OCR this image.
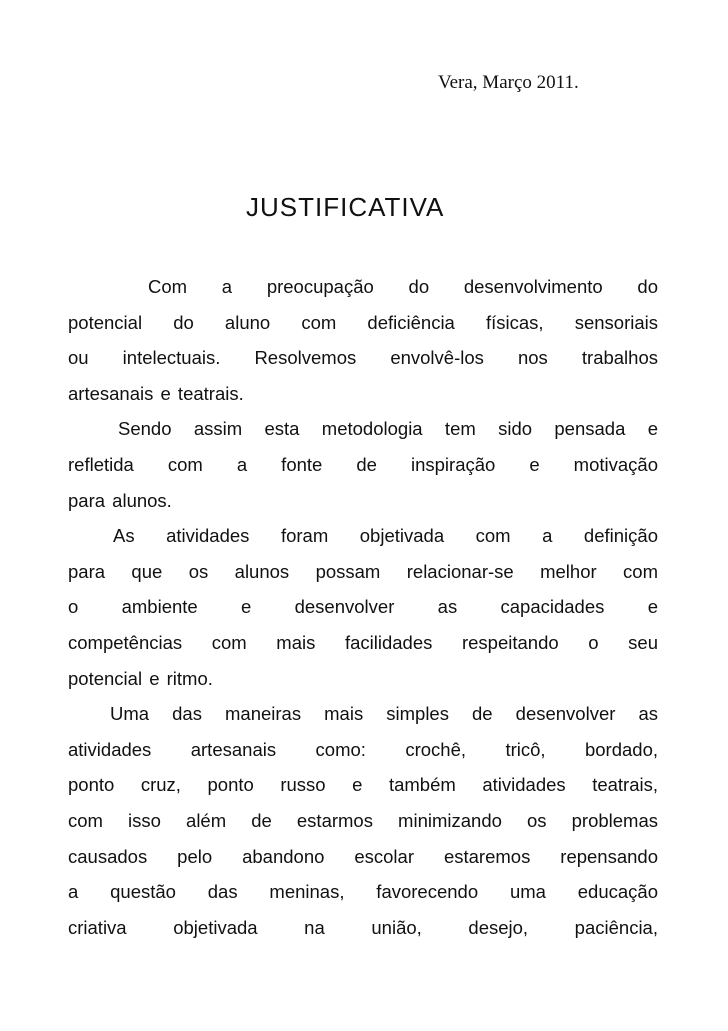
Vera, Março 2011.
JUSTIFICATIVA
Com a preocupação do desenvolvimento do
potencial do aluno com deficiência físicas, sensoriais
ou intelectuais. Resolvemos envolvê-los nos trabalhos
artesanais e teatrais.
Sendo assim esta metodologia tem sido pensada e
refletida com a fonte de inspiração e motivação
para alunos.
As atividades foram objetivada com a definição
para que os alunos possam relacionar-se melhor com
o ambiente e desenvolver as capacidades e
competências com mais facilidades respeitando o seu
potencial e ritmo.
Uma das maneiras mais simples de desenvolver as
atividades artesanais como: crochê, tricô, bordado,
ponto cruz, ponto russo e também atividades teatrais,
com isso além de estarmos minimizando os problemas
causados pelo abandono escolar estaremos repensando
a questão das meninas, favorecendo uma educação
criativa objetivada na união, desejo, paciência,
